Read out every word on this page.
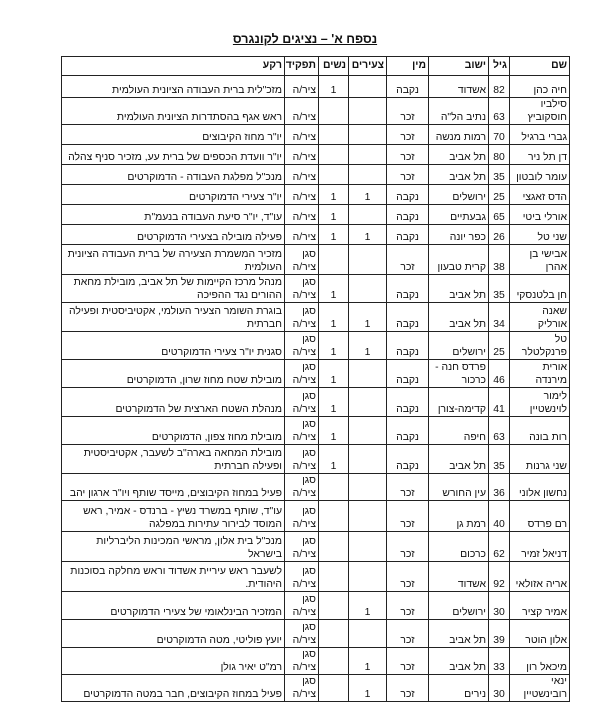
נספח א' – נציגים לקונגרס
שם	גיל	ישוב	מין	צעירים	נשים	תפקיד	רקע
חיה כהן	82	אשדוד	נקבה		1	ציר/ה	מזכ"לית ברית העבודה הציונית העולמית
סילביו חוסקוביץ	63	נתיב הל"ה	זכר			ציר/ה	ראש אגף בהסתדרות הציונית העולמית
גברי ברגיל	70	רמות מנשה	זכר			ציר/ה	יו"ר מחוז הקיבוצים
דן תל ניר	80	תל אביב	זכר			ציר/ה	יו"ר וועדת הכספים של ברית עע, מזכיר סניף צהלה
עומר לובטון	35	תל אביב	זכר			ציר/ה	מנכ"ל מפלגת העבודה - הדמוקרטים
הדס זאגצי	25	ירושלים	נקבה	1	1	ציר/ה	יו"ר צעירי הדמוקרטים
אורלי ביטי	65	גבעתיים	נקבה		1	ציר/ה	עו"ד, יו"ר סיעת העבודה בנעמ"ת
שני טל	26	כפר יונה	נקבה	1	1	ציר/ה	פעילה מובילה בצעירי הדמוקרטים
אבישי בן אהרן	38	קרית טבעון	זכר			סגן ציר/ה	מזכיר המשמרת הצעירה של ברית העבודה הציונית העולמית
חן בלטנסקי	35	תל אביב	נקבה		1	סגן ציר/ה	מנהל מרכז הקיימות של תל אביב, מובילת מחאת ההורים נגד ההפיכה
שאנה אורליק	34	תל אביב	נקבה	1	1	סגן ציר/ה	בוגרת השומר הצעיר העולמי, אקטיביסטית ופעילה חברתית
טל פרנקלטלר	25	ירושלים	נקבה	1	1	סגן ציר/ה	סגנית יו"ר צעירי הדמוקרטים
אורית מירנדה	46	פרדס חנה - כרכור	נקבה		1	סגן ציר/ה	מובילת שטח מחוז שרון, הדמוקרטים
לימור לוינשטיין	41	קדימה-צורן	נקבה		1	סגן ציר/ה	מנהלת השטח הארצית של הדמוקרטים
רות בונה	63	חיפה	נקבה		1	סגן ציר/ה	מובילת מחוז צפון, הדמוקרטים
שני גרנות	35	תל אביב	נקבה		1	סגן ציר/ה	מובילת המחאה בארה"ב לשעבר, אקטיביסטית ופעילה חברתית
נחשון אלוני	36	עין החורש	זכר			סגן ציר/ה	פעיל במחוז הקיבוצים, מייסד שותף ויו"ר ארגון יהב
רם פרדס	40	רמת גן	זכר			סגן ציר/ה	עו"ד, שותף במשרד נשיץ - ברנדס - אמיר, ראש המוסד לבירור עתירות במפלגה
דניאל זמיר	62	כרכום	זכר			סגן ציר/ה	מנכ"ל בית אלון, מראשי המכינות הליברליות בישראל
אריה אזולאי	92	אשדוד	זכר			סגן ציר/ה	לשעבר ראש עיריית אשדוד וראש מחלקה בסוכנות היהודית.
אמיר קציר	30	ירושלים	זכר	1		סגן ציר/ה	המזכיר הבינלאומי של צעירי הדמוקרטים
אלון הוטר	39	תל אביב	זכר			סגן ציר/ה	יועץ פוליטי, מטה הדמוקרטים
מיכאל רון	33	תל אביב	זכר	1		סגן ציר/ה	רמ"ט יאיר גולן
ינאי רובינשטיין	30	נירים	זכר	1		סגן ציר/ה	פעיל במחוז הקיבוצים, חבר במטה הדמוקרטים
